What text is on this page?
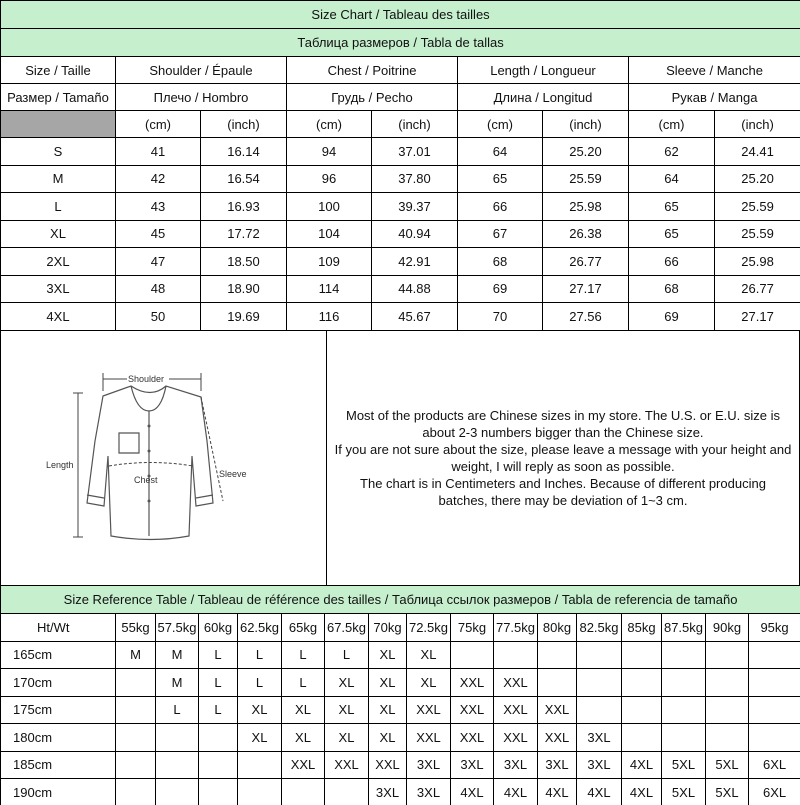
Size Chart / Tableau des tailles								
Таблица размеров / Tabla de tallas								
Size / Taille	Shoulder / Épaule		Chest / Poitrine		Length / Longueur		Sleeve / Manche	
Размер / Tamaño	Плечо / Hombro		Грудь / Pecho		Длина / Longitud		Рукав / Manga	
	(cm)	(inch)	(cm)	(inch)	(cm)	(inch)	(cm)	(inch)
S	41	16.14	94	37.01	64	25.20	62	24.41
M	42	16.54	96	37.80	65	25.59	64	25.20
L	43	16.93	100	39.37	66	25.98	65	25.59
XL	45	17.72	104	40.94	67	26.38	65	25.59
2XL	47	18.50	109	42.91	68	26.77	66	25.98
3XL	48	18.90	114	44.88	69	27.17	68	26.77
4XL	50	19.69	116	45.67	70	27.56	69	27.17
Shoulder
Length
Chest
Sleeve
Most of the products are Chinese sizes in my store. The U.S. or E.U. size is
about 2-3 numbers bigger than the Chinese size.
If you are not sure about the size, please leave a message with your height and
weight, I will reply as soon as possible.
The chart is in Centimeters and Inches. Because of different producing
batches, there may be deviation of 1~3 cm.
Size Reference Table / Tableau de référence des tailles / Таблица ссылок размеров / Tabla de referencia de tamaño																
Ht/Wt	55kg	57.5kg	60kg	62.5kg	65kg	67.5kg	70kg	72.5kg	75kg	77.5kg	80kg	82.5kg	85kg	87.5kg	90kg	95kg
165cm	M	M	L	L	L	L	XL	XL								
170cm		M	L	L	L	XL	XL	XL	XXL	XXL						
175cm		L	L	XL	XL	XL	XL	XXL	XXL	XXL	XXL					
180cm				XL	XL	XL	XL	XXL	XXL	XXL	XXL	3XL				
185cm					XXL	XXL	XXL	3XL	3XL	3XL	3XL	3XL	4XL	5XL	5XL	6XL
190cm							3XL	3XL	4XL	4XL	4XL	4XL	4XL	5XL	5XL	6XL
